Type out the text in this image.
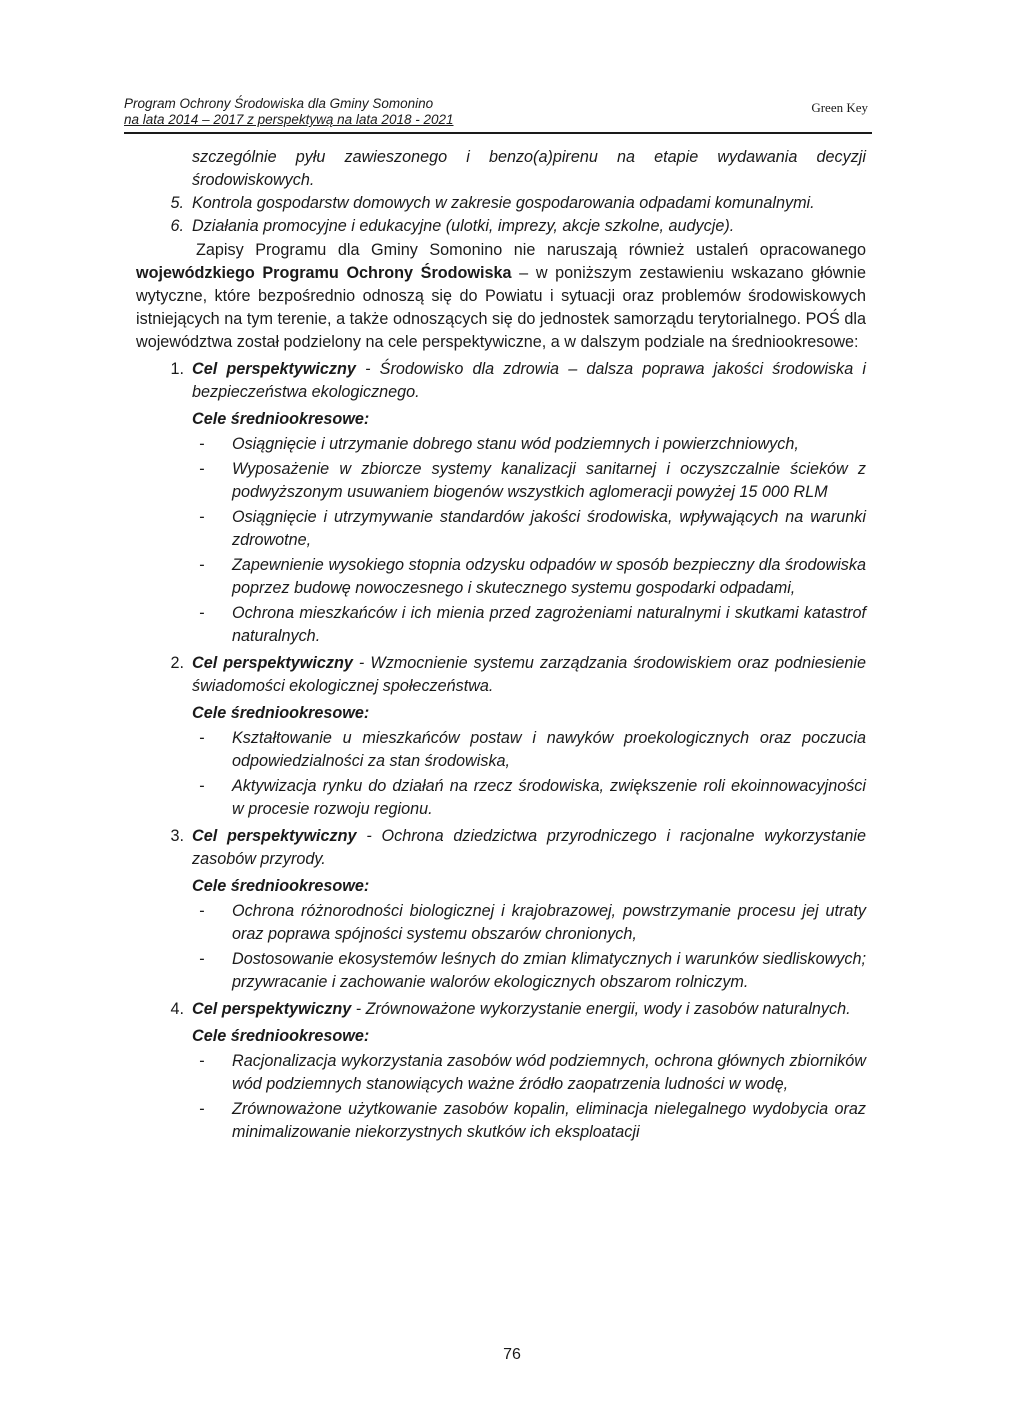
Program Ochrony Środowiska dla Gminy Somonino
na lata 2014 – 2017 z perspektywą na lata 2018 - 2021
Green Key
szczególnie pyłu zawieszonego i benzo(a)pirenu na etapie wydawania decyzji środowiskowych.
5. Kontrola gospodarstw domowych w zakresie gospodarowania odpadami komunalnymi.
6. Działania promocyjne i edukacyjne (ulotki, imprezy, akcje szkolne, audycje).
Zapisy Programu dla Gminy Somonino nie naruszają również ustaleń opracowanego wojewódzkiego Programu Ochrony Środowiska – w poniższym zestawieniu wskazano głównie wytyczne, które bezpośrednio odnoszą się do Powiatu i sytuacji oraz problemów środowiskowych istniejących na tym terenie, a także odnoszących się do jednostek samorządu terytorialnego. POŚ dla województwa został podzielony na cele perspektywiczne, a w dalszym podziale na średniookresowe:
1. Cel perspektywiczny - Środowisko dla zdrowia – dalsza poprawa jakości środowiska i bezpieczeństwa ekologicznego.
Cele średniookresowe:
-	Osiągnięcie i utrzymanie dobrego stanu wód podziemnych i powierzchniowych,
-	Wyposażenie w zbiorcze systemy kanalizacji sanitarnej i oczyszczalnie ścieków z podwyższonym usuwaniem biogenów wszystkich aglomeracji powyżej 15 000 RLM
-	Osiągnięcie i utrzymywanie standardów jakości środowiska, wpływających na warunki zdrowotne,
-	Zapewnienie wysokiego stopnia odzysku odpadów w sposób bezpieczny dla środowiska poprzez budowę nowoczesnego i skutecznego systemu gospodarki odpadami,
-	Ochrona mieszkańców i ich mienia przed zagrożeniami naturalnymi i skutkami katastrof naturalnych.
2. Cel perspektywiczny - Wzmocnienie systemu zarządzania środowiskiem oraz podniesienie świadomości ekologicznej społeczeństwa.
Cele średniookresowe:
-	Kształtowanie u mieszkańców postaw i nawyków proekologicznych oraz poczucia odpowiedzialności za stan środowiska,
-	Aktywizacja rynku do działań na rzecz środowiska, zwiększenie roli ekoinnowacyjności w procesie rozwoju regionu.
3. Cel perspektywiczny - Ochrona dziedzictwa przyrodniczego i racjonalne wykorzystanie zasobów przyrody.
Cele średniookresowe:
-	Ochrona różnorodności biologicznej i krajobrazowej, powstrzymanie procesu jej utraty oraz poprawa spójności systemu obszarów chronionych,
-	Dostosowanie ekosystemów leśnych do zmian klimatycznych i warunków siedliskowych; przywracanie i zachowanie walorów ekologicznych obszarom rolniczym.
4. Cel perspektywiczny - Zrównoważone wykorzystanie energii, wody i zasobów naturalnych.
Cele średniookresowe:
-	Racjonalizacja wykorzystania zasobów wód podziemnych, ochrona głównych zbiorników wód podziemnych stanowiących ważne źródło zaopatrzenia ludności w wodę,
-	Zrównoważone użytkowanie zasobów kopalin, eliminacja nielegalnego wydobycia oraz minimalizowanie niekorzystnych skutków ich eksploatacji
76
